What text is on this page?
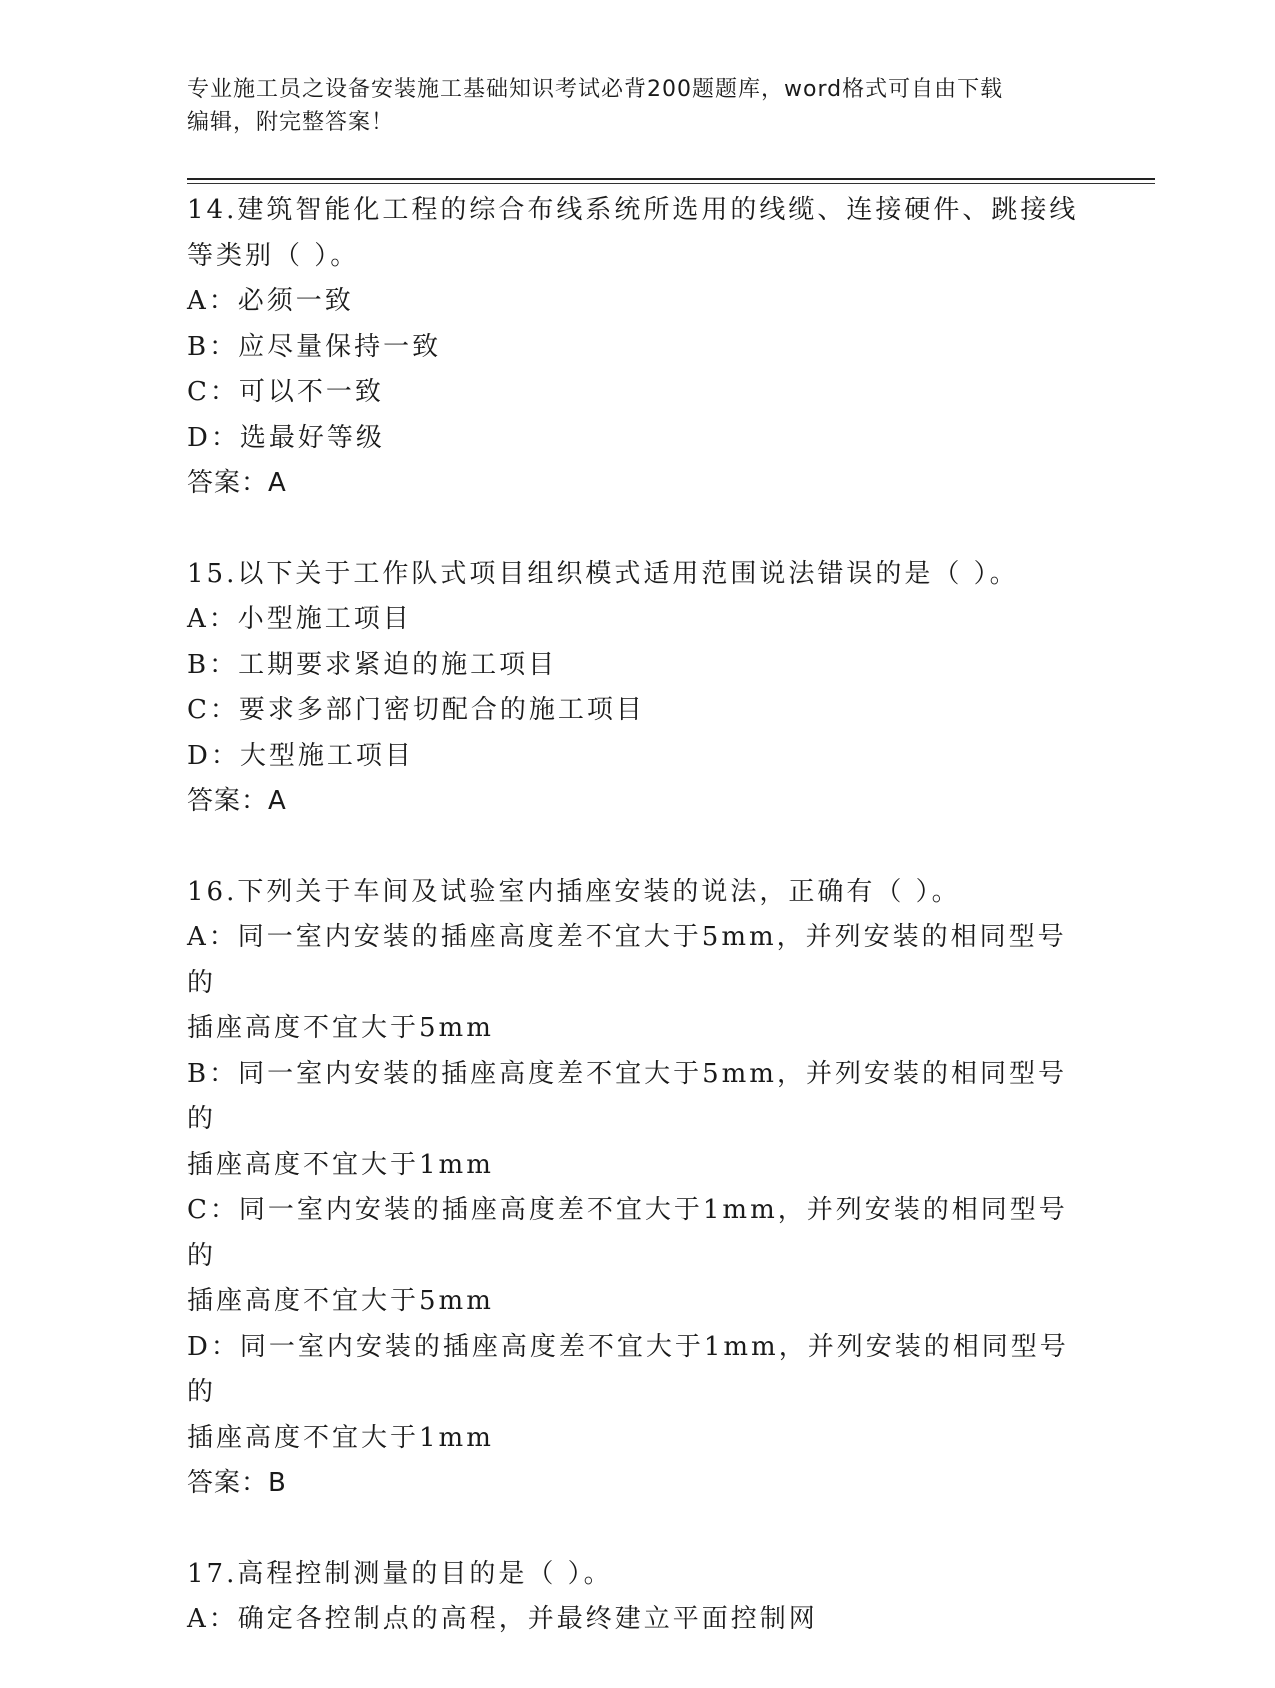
专业施工员之设备安装施工基础知识考试必背200题题库，word格式可自由下载
编辑，附完整答案！
14.建筑智能化工程的综合布线系统所选用的线缆、连接硬件、跳接线
等类别（ ）。
A：必须一致
B：应尽量保持一致
C：可以不一致
D：选最好等级
答案：A
15.以下关于工作队式项目组织模式适用范围说法错误的是（ ）。
A：小型施工项目
B：工期要求紧迫的施工项目
C：要求多部门密切配合的施工项目
D：大型施工项目
答案：A
16.下列关于车间及试验室内插座安装的说法，正确有（ ）。
A：同一室内安装的插座高度差不宜大于5mm，并列安装的相同型号的
插座高度不宜大于5mm
B：同一室内安装的插座高度差不宜大于5mm，并列安装的相同型号的
插座高度不宜大于1mm
C：同一室内安装的插座高度差不宜大于1mm，并列安装的相同型号的
插座高度不宜大于5mm
D：同一室内安装的插座高度差不宜大于1mm，并列安装的相同型号的
插座高度不宜大于1mm
答案：B
17.高程控制测量的目的是（ ）。
A：确定各控制点的高程，并最终建立平面控制网
